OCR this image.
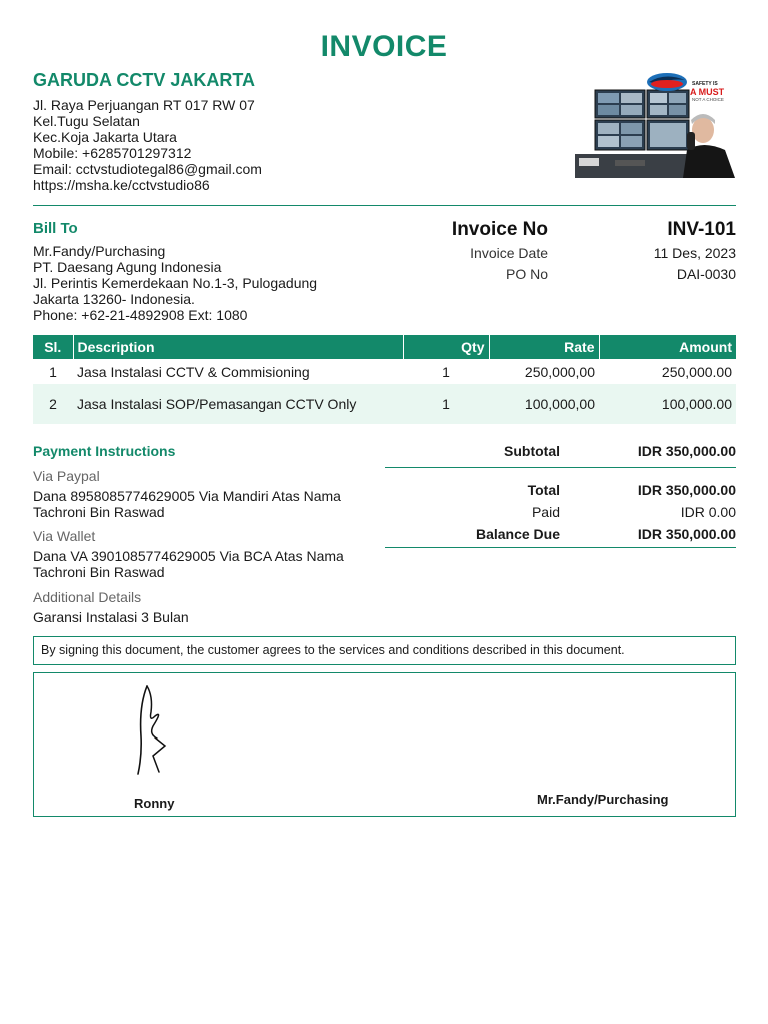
INVOICE
GARUDA CCTV JAKARTA
Jl. Raya Perjuangan RT 017 RW 07
Kel.Tugu Selatan
Kec.Koja Jakarta Utara
Mobile: +6285701297312
Email: cctvstudiotegal86@gmail.com
https://msha.ke/cctvstudio86
SAFETY IS
A MUST
NOT A CHOICE
Bill To
Mr.Fandy/Purchasing
PT. Daesang Agung Indonesia
Jl. Perintis Kemerdekaan No.1-3, Pulogadung
Jakarta 13260- Indonesia.
Phone: +62-21-4892908 Ext: 1080
Invoice No	INV-101
Invoice Date	11 Des, 2023
PO No	DAI-0030
Sl.	Description	Qty	Rate	Amount
1	Jasa Instalasi CCTV & Commisioning	1	250,000,00	250,000.00
2	Jasa Instalasi SOP/Pemasangan CCTV Only	1	100,000,00	100,000.00
Payment Instructions
Via Paypal
Dana 8958085774629005 Via Mandiri Atas Nama Tachroni Bin Raswad
Via Wallet
Dana VA 3901085774629005 Via BCA Atas Nama Tachroni Bin Raswad
Additional Details
Garansi Instalasi 3 Bulan
Subtotal	IDR 350,000.00
Total	IDR 350,000.00
Paid	IDR 0.00
Balance Due	IDR 350,000.00
By signing this document, the customer agrees to the services and conditions described in this document.
Ronny	Mr.Fandy/Purchasing
